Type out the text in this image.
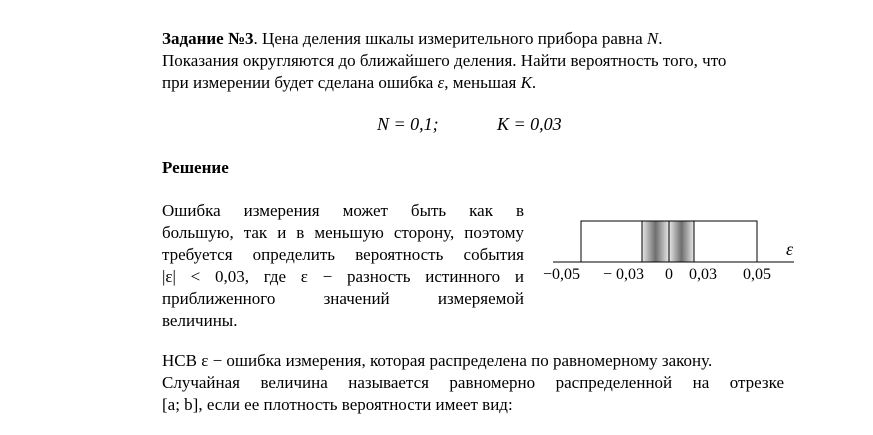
Задание №3. Цена деления шкалы измерительного прибора равна N.
Показания округляются до ближайшего деления. Найти вероятность того, что
при измерении будет сделана ошибка ε, меньшая K.
N = 0,1;	K = 0,03
Решение
Ошибка измерения может быть как в
большую, так и в меньшую сторону, поэтому
требуется определить вероятность события
|ε| < 0,03, где ε − разность истинного и
приближенного значений измеряемой
величины.
ε
−0,05 − 0,03 0 0,03 0,05
НСВ ε − ошибка измерения, которая распределена по равномерному закону.
Случайная величина называется равномерно распределенной на отрезке
[a; b], если ее плотность вероятности имеет вид:
